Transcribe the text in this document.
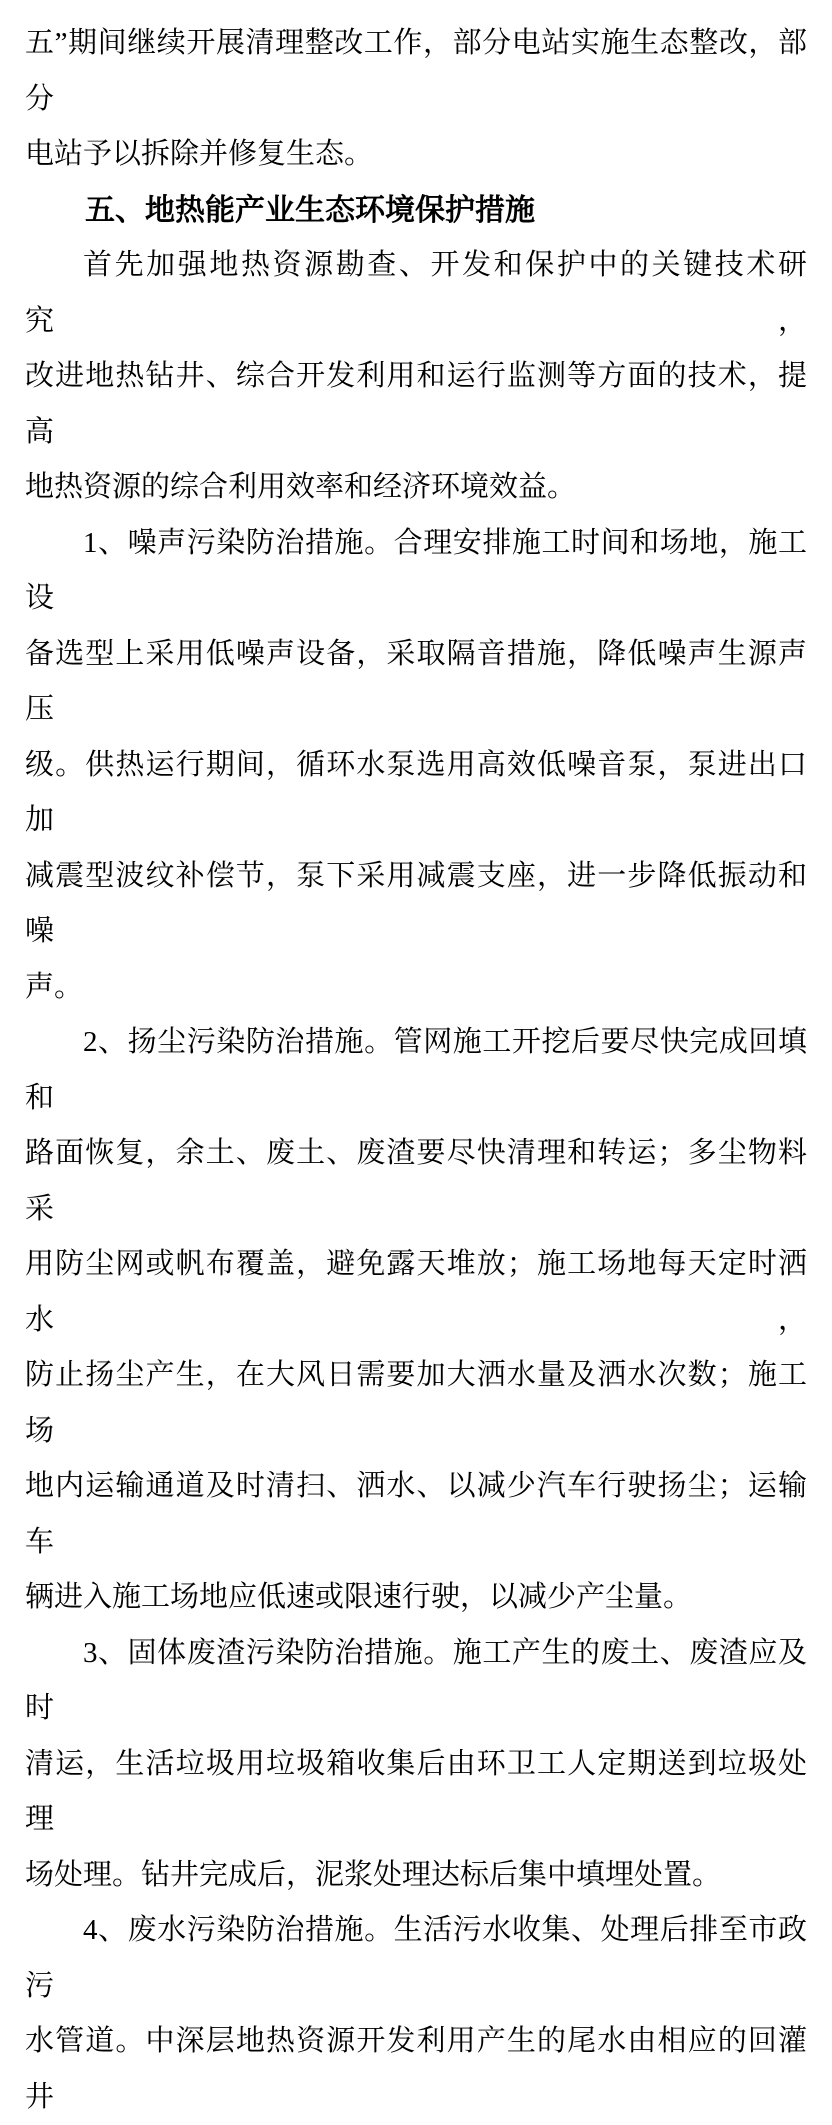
五”期间继续开展清理整改工作，部分电站实施生态整改，部分
电站予以拆除并修复生态。
五、地热能产业生态环境保护措施
首先加强地热资源勘查、开发和保护中的关键技术研究，
改进地热钻井、综合开发利用和运行监测等方面的技术，提高
地热资源的综合利用效率和经济环境效益。
1、噪声污染防治措施。合理安排施工时间和场地，施工设
备选型上采用低噪声设备，采取隔音措施，降低噪声生源声压
级。供热运行期间，循环水泵选用高效低噪音泵，泵进出口加
减震型波纹补偿节，泵下采用减震支座，进一步降低振动和噪
声。
2、扬尘污染防治措施。管网施工开挖后要尽快完成回填和
路面恢复，余土、废土、废渣要尽快清理和转运；多尘物料采
用防尘网或帆布覆盖，避免露天堆放；施工场地每天定时洒水，
防止扬尘产生，在大风日需要加大洒水量及洒水次数；施工场
地内运输通道及时清扫、洒水、以减少汽车行驶扬尘；运输车
辆进入施工场地应低速或限速行驶，以减少产尘量。
3、固体废渣污染防治措施。施工产生的废土、废渣应及时
清运，生活垃圾用垃圾箱收集后由环卫工人定期送到垃圾处理
场处理。钻井完成后，泥浆处理达标后集中填埋处置。
4、废水污染防治措施。生活污水收集、处理后排至市政污
水管道。中深层地热资源开发利用产生的尾水由相应的回灌井
